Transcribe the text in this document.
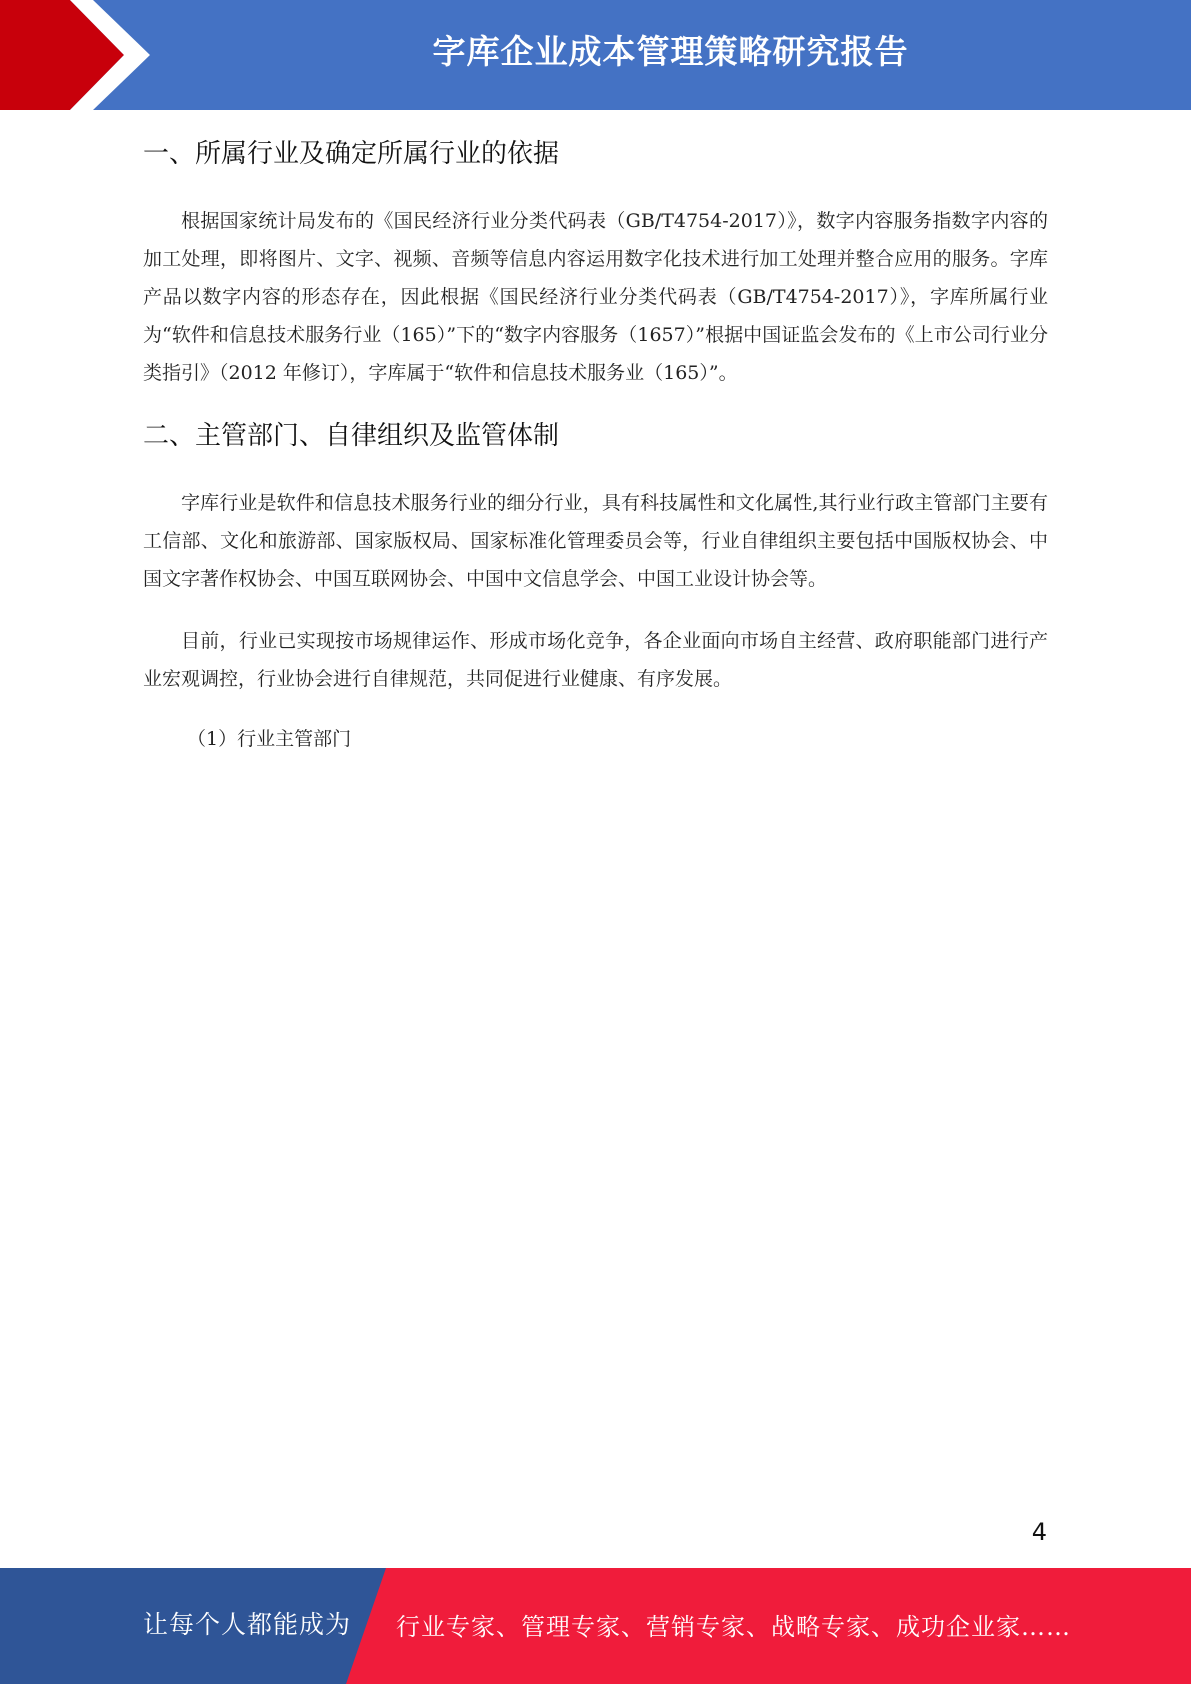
字库企业成本管理策略研究报告
一、所属行业及确定所属行业的依据

根据国家统计局发布的《国民经济行业分类代码表（GB/T4754-2017）》，数字内容服务指数字内容的加工处理，即将图片、文字、视频、音频等信息内容运用数字化技术进行加工处理并整合应用的服务。字库产品以数字内容的形态存在，因此根据《国民经济行业分类代码表（GB/T4754-2017）》，字库所属行业为“软件和信息技术服务行业（165）”下的“数字内容服务（1657）”根据中国证监会发布的《上市公司行业分类指引》（2012 年修订），字库属于“软件和信息技术服务业（165）”。

二、主管部门、自律组织及监管体制

字库行业是软件和信息技术服务行业的细分行业，具有科技属性和文化属性,其行业行政主管部门主要有工信部、文化和旅游部、国家版权局、国家标准化管理委员会等，行业自律组织主要包括中国版权协会、中国文字著作权协会、中国互联网协会、中国中文信息学会、中国工业设计协会等。

目前，行业已实现按市场规律运作、形成市场化竞争，各企业面向市场自主经营、政府职能部门进行产业宏观调控，行业协会进行自律规范，共同促进行业健康、有序发展。

（1）行业主管部门
4
让每个人都能成为 行业专家、管理专家、营销专家、战略专家、成功企业家……
